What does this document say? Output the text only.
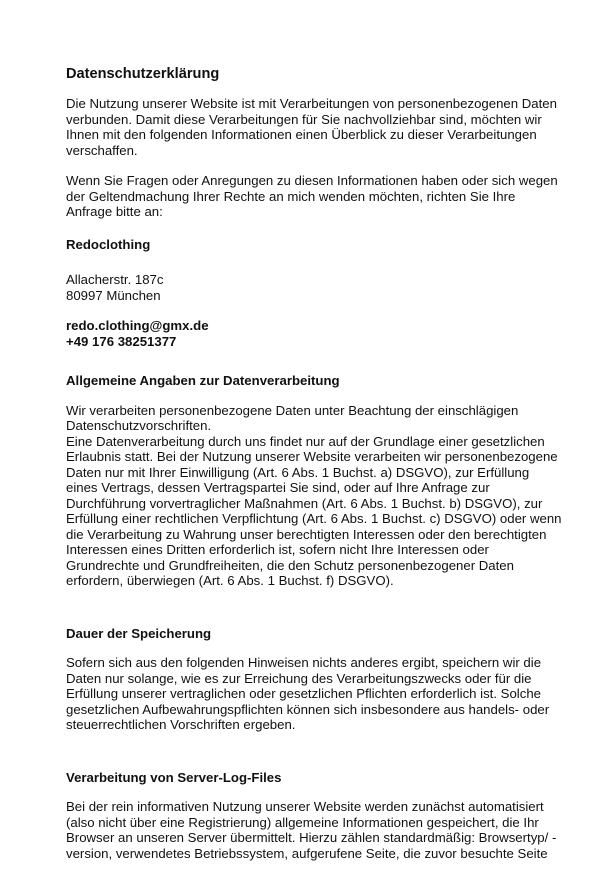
Datenschutzerklärung
Die Nutzung unserer Website ist mit Verarbeitungen von personenbezogenen Daten
verbunden. Damit diese Verarbeitungen für Sie nachvollziehbar sind, möchten wir
Ihnen mit den folgenden Informationen einen Überblick zu dieser Verarbeitungen
verschaffen.
Wenn Sie Fragen oder Anregungen zu diesen Informationen haben oder sich wegen
der Geltendmachung Ihrer Rechte an mich wenden möchten, richten Sie Ihre
Anfrage bitte an:
Redoclothing
Allacherstr. 187c
80997 München
redo.clothing@gmx.de
+49 176 38251377
Allgemeine Angaben zur Datenverarbeitung
Wir verarbeiten personenbezogene Daten unter Beachtung der einschlägigen
Datenschutzvorschriften.
Eine Datenverarbeitung durch uns findet nur auf der Grundlage einer gesetzlichen
Erlaubnis statt. Bei der Nutzung unserer Website verarbeiten wir personenbezogene
Daten nur mit Ihrer Einwilligung (Art. 6 Abs. 1 Buchst. a) DSGVO), zur Erfüllung
eines Vertrags, dessen Vertragspartei Sie sind, oder auf Ihre Anfrage zur
Durchführung vorvertraglicher Maßnahmen (Art. 6 Abs. 1 Buchst. b) DSGVO), zur
Erfüllung einer rechtlichen Verpflichtung (Art. 6 Abs. 1 Buchst. c) DSGVO) oder wenn
die Verarbeitung zu Wahrung unser berechtigten Interessen oder den berechtigten
Interessen eines Dritten erforderlich ist, sofern nicht Ihre Interessen oder
Grundrechte und Grundfreiheiten, die den Schutz personenbezogener Daten
erfordern, überwiegen (Art. 6 Abs. 1 Buchst. f) DSGVO).
Dauer der Speicherung
Sofern sich aus den folgenden Hinweisen nichts anderes ergibt, speichern wir die
Daten nur solange, wie es zur Erreichung des Verarbeitungszwecks oder für die
Erfüllung unserer vertraglichen oder gesetzlichen Pflichten erforderlich ist. Solche
gesetzlichen Aufbewahrungspflichten können sich insbesondere aus handels- oder
steuerrechtlichen Vorschriften ergeben.
Verarbeitung von Server-Log-Files
Bei der rein informativen Nutzung unserer Website werden zunächst automatisiert
(also nicht über eine Registrierung) allgemeine Informationen gespeichert, die Ihr
Browser an unseren Server übermittelt. Hierzu zählen standardmäßig: Browsertyp/ -
version, verwendetes Betriebssystem, aufgerufene Seite, die zuvor besuchte Seite
